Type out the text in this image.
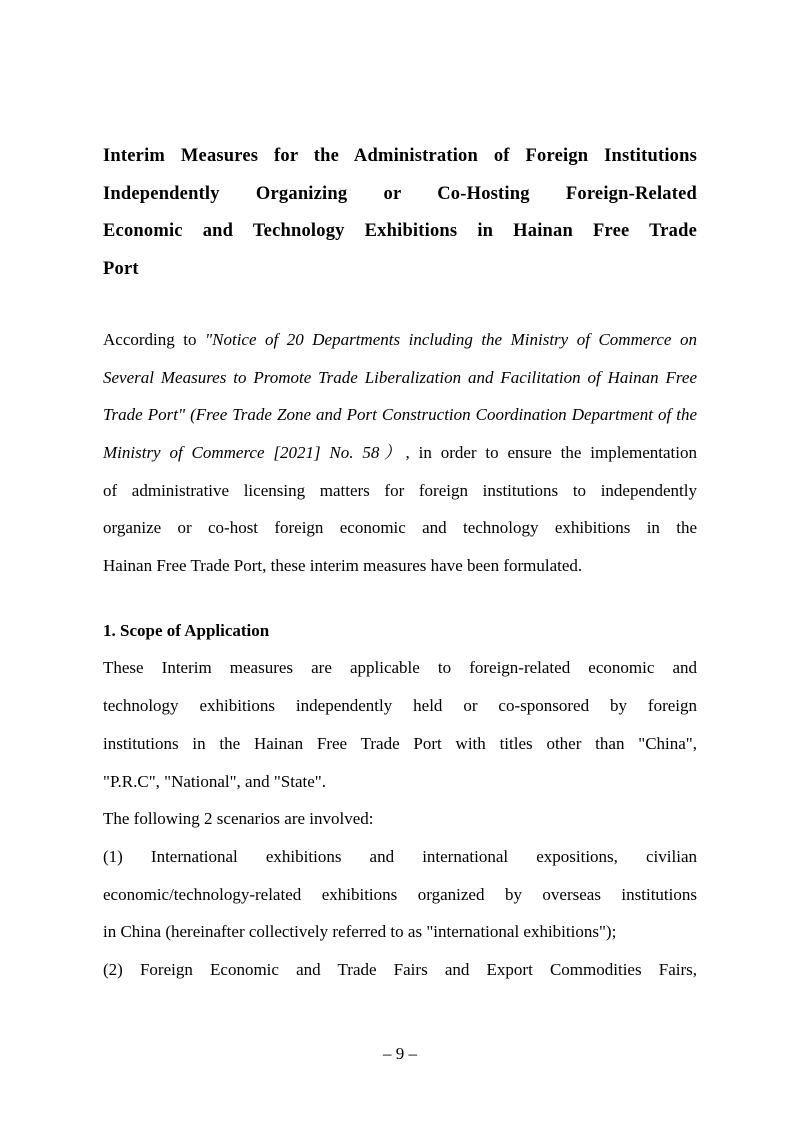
Interim Measures for the Administration of Foreign Institutions
Independently Organizing or Co-Hosting Foreign-Related
Economic and Technology Exhibitions in Hainan Free Trade
Port
According to "Notice of 20 Departments including the Ministry of Commerce on
Several Measures to Promote Trade Liberalization and Facilitation of Hainan Free
Trade Port" (Free Trade Zone and Port Construction Coordination Department of the
Ministry of Commerce [2021] No. 58）, in order to ensure the implementation
of administrative licensing matters for foreign institutions to independently
organize or co-host foreign economic and technology exhibitions in the
Hainan Free Trade Port, these interim measures have been formulated.
1. Scope of Application
These Interim measures are applicable to foreign-related economic and
technology exhibitions independently held or co-sponsored by foreign
institutions in the Hainan Free Trade Port with titles other than "China",
"P.R.C", "National", and "State".
The following 2 scenarios are involved:
(1) International exhibitions and international expositions, civilian
economic/technology-related exhibitions organized by overseas institutions
in China (hereinafter collectively referred to as "international exhibitions");
(2) Foreign Economic and Trade Fairs and Export Commodities Fairs,
– 9 –
